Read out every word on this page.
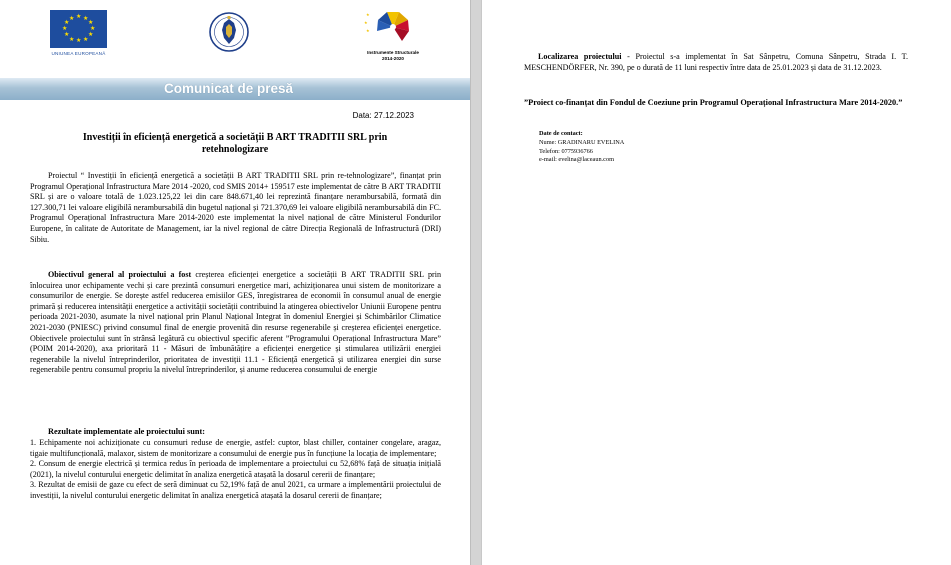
★ ★
★
★
★
★
★
★
★
★
★
★
UNIUNEA EUROPEANĂ
★
★
★
Instrumente Structurale
2014-2020
Comunicat de presă
Data: 27.12.2023
Investiții în eficiență energetică a societății B ART TRADITII SRL prin
retehnologizare
Proiectul “ Investiții în eficiență energetică a societății B ART TRADITII SRL prin re-tehnologizare”, finanțat prin Programul Operațional Infrastructura Mare 2014 -2020, cod SMIS 2014+ 159517 este implementat de către B ART TRADITII SRL și are o valoare totală de 1.023.125,22 lei din care 848.671,40 lei reprezintă finanțare nerambursabilă, formată din 127.300,71 lei valoare eligibilă nerambursabilă din bugetul național și 721.370,69 lei valoare eligibilă nerambursabilă din FC. Programul Operațional Infrastructura Mare 2014-2020 este implementat la nivel național de către Ministerul Fondurilor Europene, în calitate de Autoritate de Management, iar la nivel regional de către Direcția Regională de Infrastructură (DRI) Sibiu.
Obiectivul general al proiectului a fost creșterea eficienței energetice a societății B ART TRADITII SRL prin înlocuirea unor echipamente vechi și care prezintă consumuri energetice mari, achiziționarea unui sistem de monitorizare a consumurilor de energie. Se dorește astfel reducerea emisiilor GES, înregistrarea de economii în consumul anual de energie primară și reducerea intensității energetice a activității societății contribuind la atingerea obiectivelor Uniunii Europene pentru perioada 2021-2030, asumate la nivel național prin Planul Național Integrat în domeniul Energiei și Schimbărilor Climatice 2021-2030 (PNIESC) privind consumul final de energie provenită din resurse regenerabile și creșterea eficienței energetice. Obiectivele proiectului sunt în strânsă legătură cu obiectivul specific aferent ”Programului Operațional Infrastructura Mare” (POIM 2014-2020), axa prioritară 11 - Măsuri de îmbunătățire a eficienței energetice și stimularea utilizării energiei regenerabile la nivelul întreprinderilor, prioritatea de investiții 11.1 - Eficiență energetică și utilizarea energiei din surse regenerabile pentru consumul propriu la nivelul întreprinderilor, și anume reducerea consumului de energie
Rezultate implementate ale proiectului sunt:
1. Echipamente noi achiziționate cu consumuri reduse de energie, astfel: cuptor, blast chiller, container congelare, aragaz, tigaie multifuncțională, malaxor, sistem de monitorizare a consumului de energie pus în funcțiune la locația de implementare;
2. Consum de energie electrică și termica redus în perioada de implementare a proiectului cu 52,68% față de situația inițială (2021), la nivelul conturului energetic delimitat în analiza energetică atașată la dosarul cererii de finanțare;
3. Rezultat de emisii de gaze cu efect de seră diminuat cu 52,19% față de anul 2021, ca urmare a implementării proiectului de investiții, la nivelul conturului energetic delimitat în analiza energetică atașată la dosarul cererii de finanțare;
Localizarea proiectului - Proiectul s-a implementat în Sat Sânpetru, Comuna Sânpetru, Strada I. T. MESCHENDÖRFER, Nr. 390, pe o durată de 11 luni respectiv între data de 25.01.2023 și data de 31.12.2023.
”Proiect co-finanțat din Fondul de Coeziune prin Programul Operațional Infrastructura Mare 2014-2020.”
Date de contact:
Nume: GRADINARU EVELINA
Telefon: 0775936766
e-mail: evelina@laceaun.com
